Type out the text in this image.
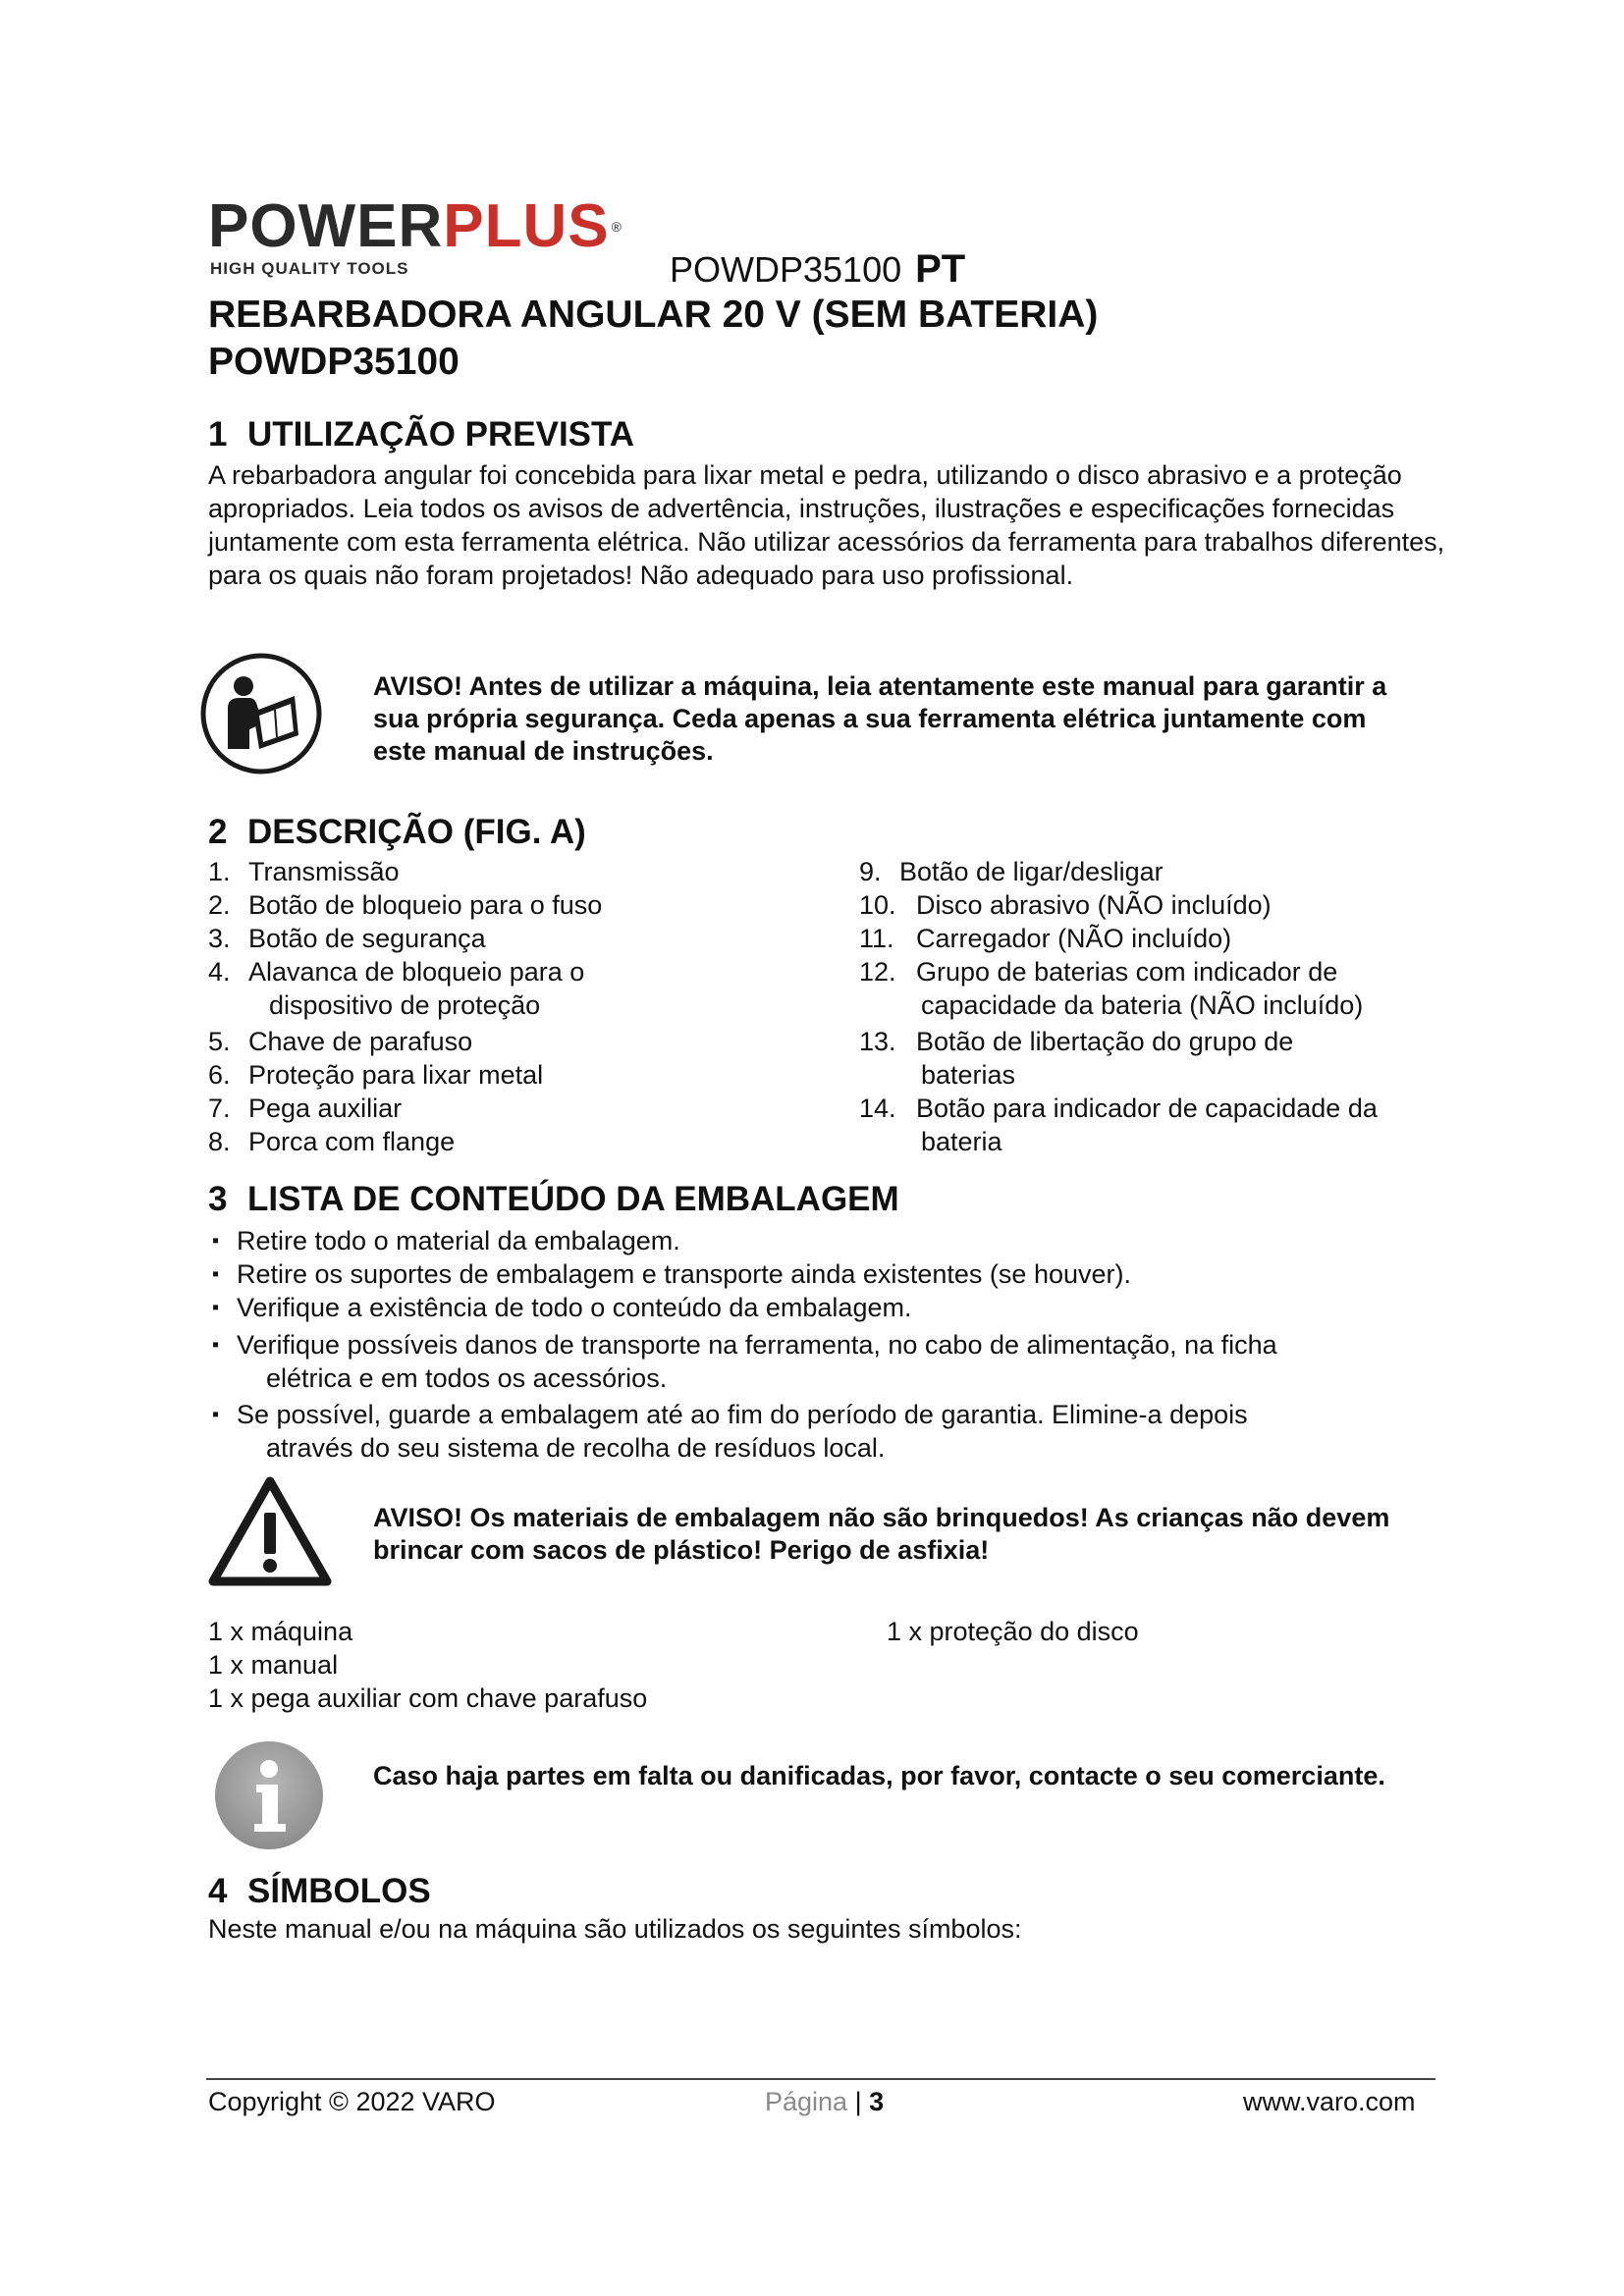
POWERPLUS ®
HIGH QUALITY TOOLS	POWDP35100 PT
REBARBADORA ANGULAR 20 V (SEM BATERIA)
POWDP35100
1 UTILIZAÇÃO PREVISTA
A rebarbadora angular foi concebida para lixar metal e pedra, utilizando o disco abrasivo e a proteção apropriados. Leia todos os avisos de advertência, instruções, ilustrações e especificações fornecidas juntamente com esta ferramenta elétrica. Não utilizar acessórios da ferramenta para trabalhos diferentes, para os quais não foram projetados! Não adequado para uso profissional.
AVISO! Antes de utilizar a máquina, leia atentamente este manual para garantir a sua própria segurança. Ceda apenas a sua ferramenta elétrica juntamente com este manual de instruções.
2 DESCRIÇÃO (FIG. A)
1. Transmissão
2. Botão de bloqueio para o fuso
3. Botão de segurança
4. Alavanca de bloqueio para o
dispositivo de proteção
5. Chave de parafuso
6. Proteção para lixar metal
7. Pega auxiliar
8. Porca com flange
9. Botão de ligar/desligar
10. Disco abrasivo (NÃO incluído)
11. Carregador (NÃO incluído)
12. Grupo de baterias com indicador de
capacidade da bateria (NÃO incluído)
13. Botão de libertação do grupo de
baterias
14. Botão para indicador de capacidade da
bateria
3 LISTA DE CONTEÚDO DA EMBALAGEM
▪ Retire todo o material da embalagem.
▪ Retire os suportes de embalagem e transporte ainda existentes (se houver).
▪ Verifique a existência de todo o conteúdo da embalagem.
▪ Verifique possíveis danos de transporte na ferramenta, no cabo de alimentação, na ficha
elétrica e em todos os acessórios.
▪ Se possível, guarde a embalagem até ao fim do período de garantia. Elimine-a depois
através do seu sistema de recolha de resíduos local.
AVISO! Os materiais de embalagem não são brinquedos! As crianças não devem brincar com sacos de plástico! Perigo de asfixia!
1 x máquina
1 x manual
1 x pega auxiliar com chave parafuso
1 x proteção do disco
Caso haja partes em falta ou danificadas, por favor, contacte o seu comerciante.
4 SÍMBOLOS
Neste manual e/ou na máquina são utilizados os seguintes símbolos:
Copyright © 2022 VARO	Página | 3	www.varo.com
